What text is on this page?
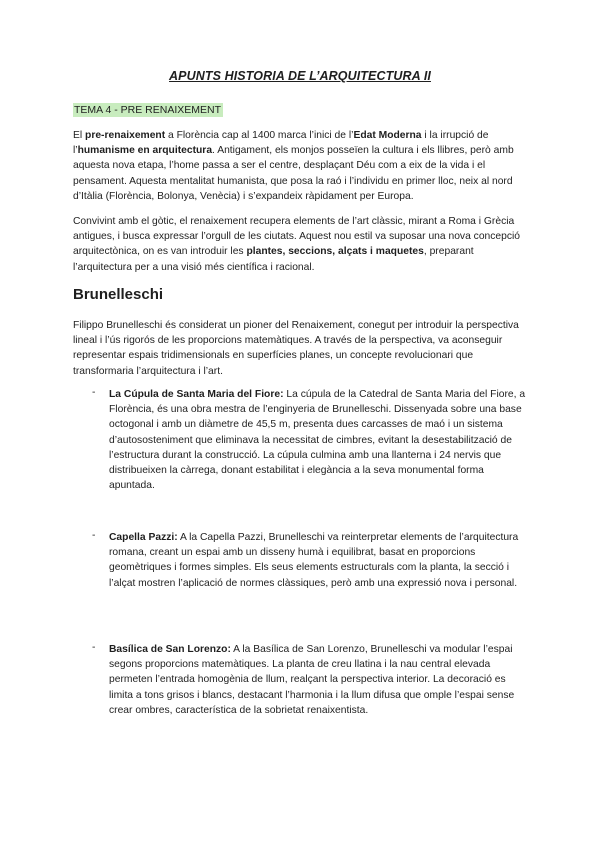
APUNTS HISTORIA DE L’ARQUITECTURA II
TEMA 4 - PRE RENAIXEMENT

El pre-renaixement a Florència cap al 1400 marca l’inici de l’Edat Moderna i la irrupció de l’humanisme en arquitectura. Antigament, els monjos posseïen la cultura i els llibres, però amb aquesta nova etapa, l’home passa a ser el centre, desplaçant Déu com a eix de la vida i el pensament. Aquesta mentalitat humanista, que posa la raó i l’individu en primer lloc, neix al nord d’Itàlia (Florència, Bolonya, Venècia) i s’expandeix ràpidament per Europa.

Convivint amb el gòtic, el renaixement recupera elements de l’art clàssic, mirant a Roma i Grècia antigues, i busca expressar l’orgull de les ciutats. Aquest nou estil va suposar una nova concepció arquitectònica, on es van introduir les plantes, seccions, alçats i maquetes, preparant l’arquitectura per a una visió més científica i racional.

Brunelleschi

Filippo Brunelleschi és considerat un pioner del Renaixement, conegut per introduir la perspectiva lineal i l’ús rigorós de les proporcions matemàtiques. A través de la perspectiva, va aconseguir representar espais tridimensionals en superfícies planes, un concepte revolucionari que transformaria l’arquitectura i l’art.

- La Cúpula de Santa Maria del Fiore: La cúpula de la Catedral de Santa Maria del Fiore, a Florència, és una obra mestra de l’enginyeria de Brunelleschi. Dissenyada sobre una base octogonal i amb un diàmetre de 45,5 m, presenta dues carcasses de maó i un sistema d’autososteniment que eliminava la necessitat de cimbres, evitant la desestabilització de l’estructura durant la construcció. La cúpula culmina amb una llanterna i 24 nervis que distribueixen la càrrega, donant estabilitat i elegància a la seva monumental forma apuntada.

- Capella Pazzi: A la Capella Pazzi, Brunelleschi va reinterpretar elements de l’arquitectura romana, creant un espai amb un disseny humà i equilibrat, basat en proporcions geomètriques i formes simples. Els seus elements estructurals com la planta, la secció i l’alçat mostren l’aplicació de normes clàssiques, però amb una expressió nova i personal.

- Basílica de San Lorenzo: A la Basílica de San Lorenzo, Brunelleschi va modular l’espai segons proporcions matemàtiques. La planta de creu llatina i la nau central elevada permeten l’entrada homogènia de llum, realçant la perspectiva interior. La decoració es limita a tons grisos i blancs, destacant l’harmonia i la llum difusa que omple l’espai sense crear ombres, característica de la sobrietat renaixentista.
